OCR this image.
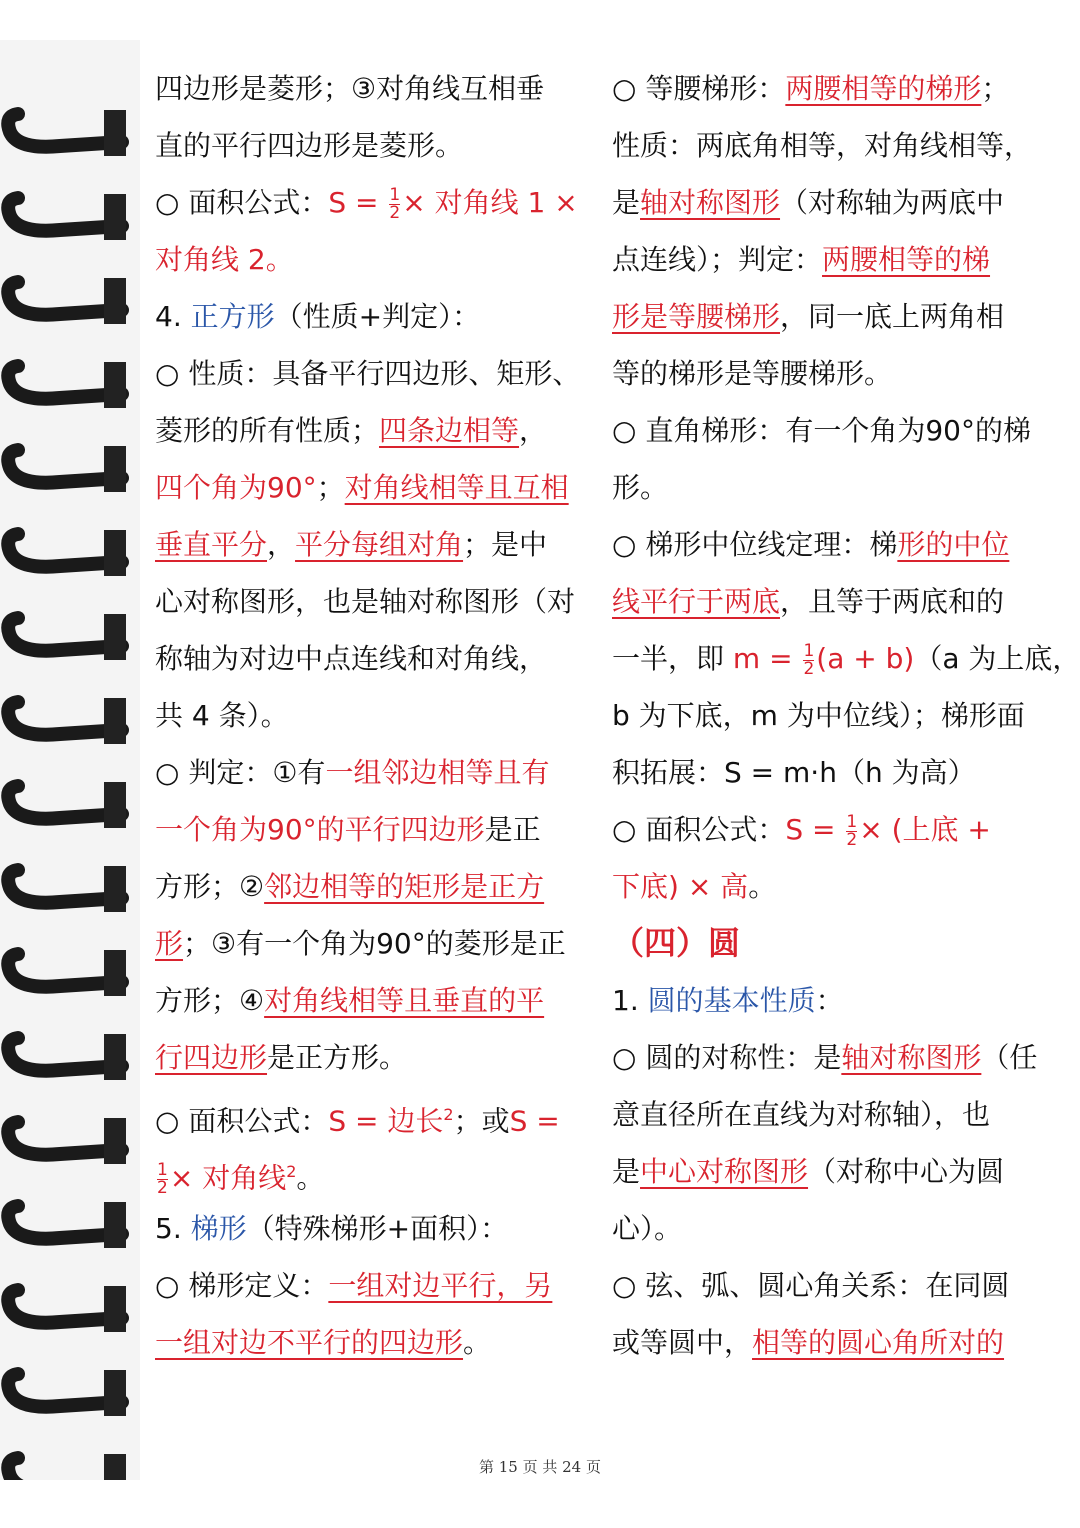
四边形是菱形；③对角线互相垂
直的平行四边形是菱形。
○ 面积公式：$S = \frac{1}{2}$ × 对角线 1 ×
对角线 2。
4. 正方形（性质+判定）：
○ 性质：具备平行四边形、矩形、
菱形的所有性质；四条边相等，
四个角为90°；对角线相等且互相
垂直平分，平分每组对角；是中
心对称图形，也是轴对称图形（对
称轴为对边中点连线和对角线，
共 4 条）。
○ 判定：①有一组邻边相等且有
一个角为90°的平行四边形是正
方形；②邻边相等的矩形是正方
形；③有一个角为90°的菱形是正
方形；④对角线相等且垂直的平
行四边形是正方形。
○ 面积公式：S = 边长$^2$；或S =
$\frac{1}{2}$ × 对角线$^2$。
5. 梯形（特殊梯形+面积）：
○ 梯形定义：一组对边平行，另
一组对边不平行的四边形。
○ 等腰梯形：两腰相等的梯形；
性质：两底角相等，对角线相等，
是轴对称图形（对称轴为两底中
点连线）；判定：两腰相等的梯
形是等腰梯形，同一底上两角相
等的梯形是等腰梯形。
○ 直角梯形：有一个角为90°的梯
形。
○ 梯形中位线定理：梯形的中位
线平行于两底，且等于两底和的
一半，即 $m = \frac{1}{2} (a + b)(a$ 为上底，
b 为下底，m 为中位线）；梯形面
积拓展：S = m·h（h 为高）
○ 面积公式：$S = \frac{1}{2}$ × (上底 +
下底) × 高。
（四）圆
1. 圆的基本性质：
○ 圆的对称性：是轴对称图形（任
意直径所在直线为对称轴），也
是中心对称图形（对称中心为圆
心）。
○ 弦、弧、圆心角关系：在同圆
或等圆中，相等的圆心角所对的
第 15 页 共 24 页
